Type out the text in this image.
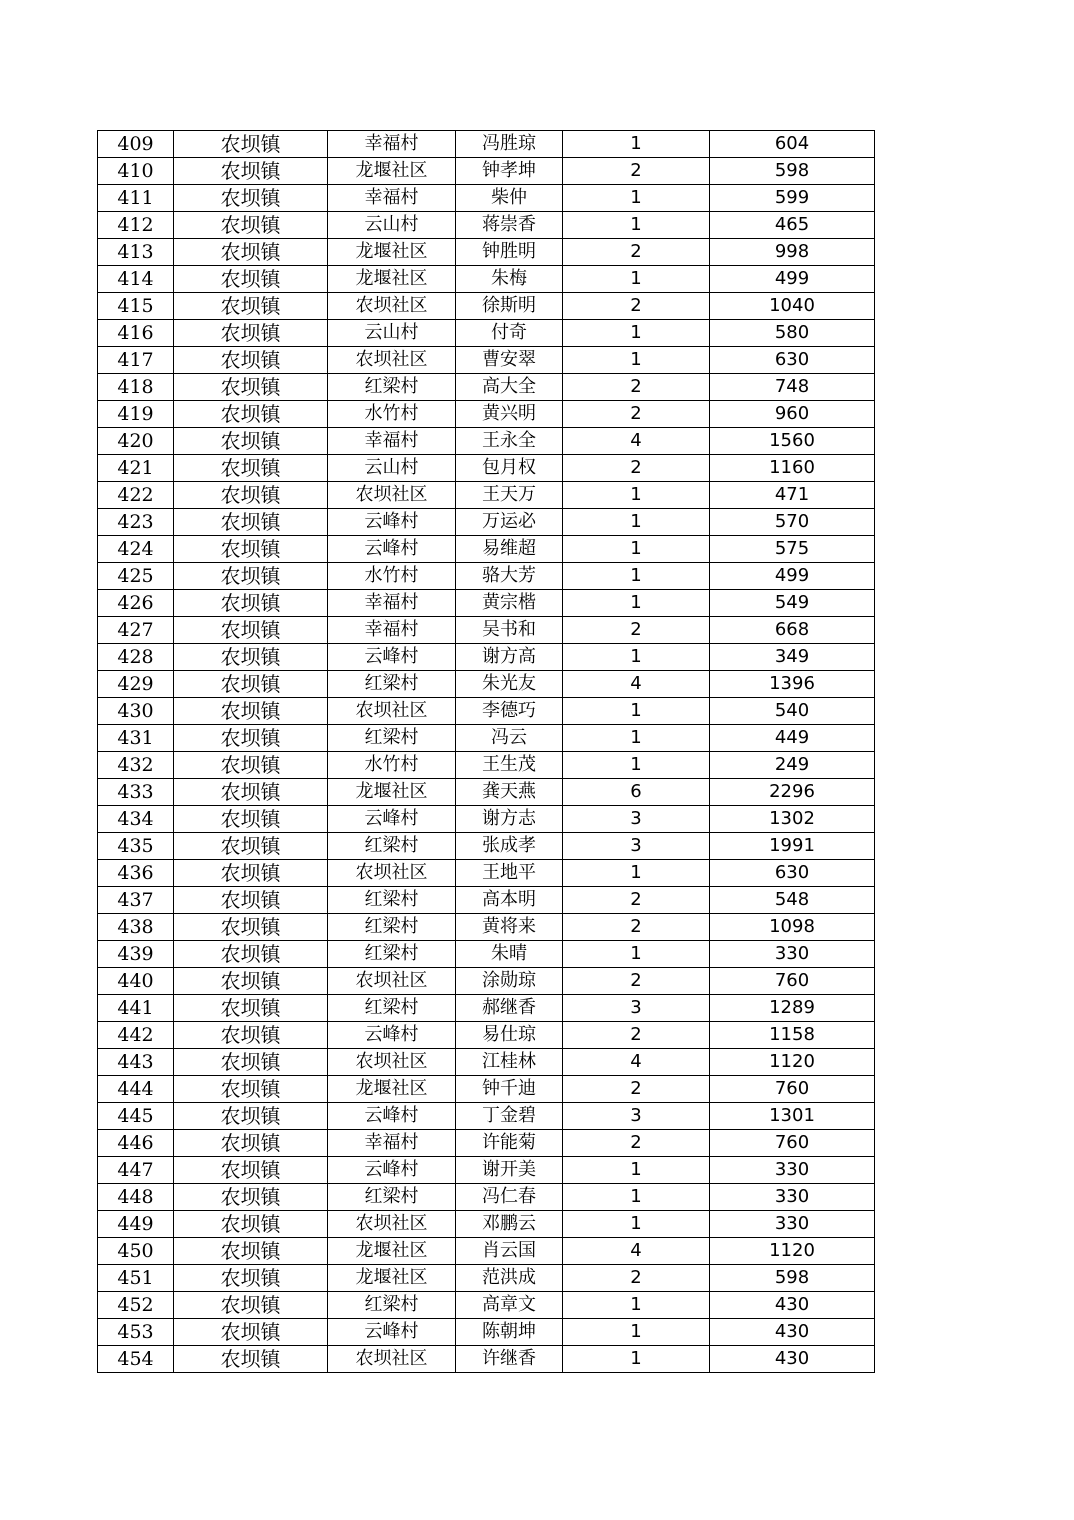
409	农坝镇	幸福村	冯胜琼	1	604
410	农坝镇	龙堰社区	钟孝坤	2	598
411	农坝镇	幸福村	柴仲	1	599
412	农坝镇	云山村	蒋崇香	1	465
413	农坝镇	龙堰社区	钟胜明	2	998
414	农坝镇	龙堰社区	朱梅	1	499
415	农坝镇	农坝社区	徐斯明	2	1040
416	农坝镇	云山村	付奇	1	580
417	农坝镇	农坝社区	曹安翠	1	630
418	农坝镇	红梁村	高大全	2	748
419	农坝镇	水竹村	黄兴明	2	960
420	农坝镇	幸福村	王永全	4	1560
421	农坝镇	云山村	包月权	2	1160
422	农坝镇	农坝社区	王天万	1	471
423	农坝镇	云峰村	万运必	1	570
424	农坝镇	云峰村	易维超	1	575
425	农坝镇	水竹村	骆大芳	1	499
426	农坝镇	幸福村	黄宗楷	1	549
427	农坝镇	幸福村	吴书和	2	668
428	农坝镇	云峰村	谢方高	1	349
429	农坝镇	红梁村	朱光友	4	1396
430	农坝镇	农坝社区	李德巧	1	540
431	农坝镇	红梁村	冯云	1	449
432	农坝镇	水竹村	王生茂	1	249
433	农坝镇	龙堰社区	龚天燕	6	2296
434	农坝镇	云峰村	谢方志	3	1302
435	农坝镇	红梁村	张成孝	3	1991
436	农坝镇	农坝社区	王地平	1	630
437	农坝镇	红梁村	高本明	2	548
438	农坝镇	红梁村	黄将来	2	1098
439	农坝镇	红梁村	朱晴	1	330
440	农坝镇	农坝社区	涂勋琼	2	760
441	农坝镇	红梁村	郝继香	3	1289
442	农坝镇	云峰村	易仕琼	2	1158
443	农坝镇	农坝社区	江桂林	4	1120
444	农坝镇	龙堰社区	钟千迪	2	760
445	农坝镇	云峰村	丁金碧	3	1301
446	农坝镇	幸福村	许能菊	2	760
447	农坝镇	云峰村	谢开美	1	330
448	农坝镇	红梁村	冯仁春	1	330
449	农坝镇	农坝社区	邓鹏云	1	330
450	农坝镇	龙堰社区	肖云国	4	1120
451	农坝镇	龙堰社区	范洪成	2	598
452	农坝镇	红梁村	高章文	1	430
453	农坝镇	云峰村	陈朝坤	1	430
454	农坝镇	农坝社区	许继香	1	430
